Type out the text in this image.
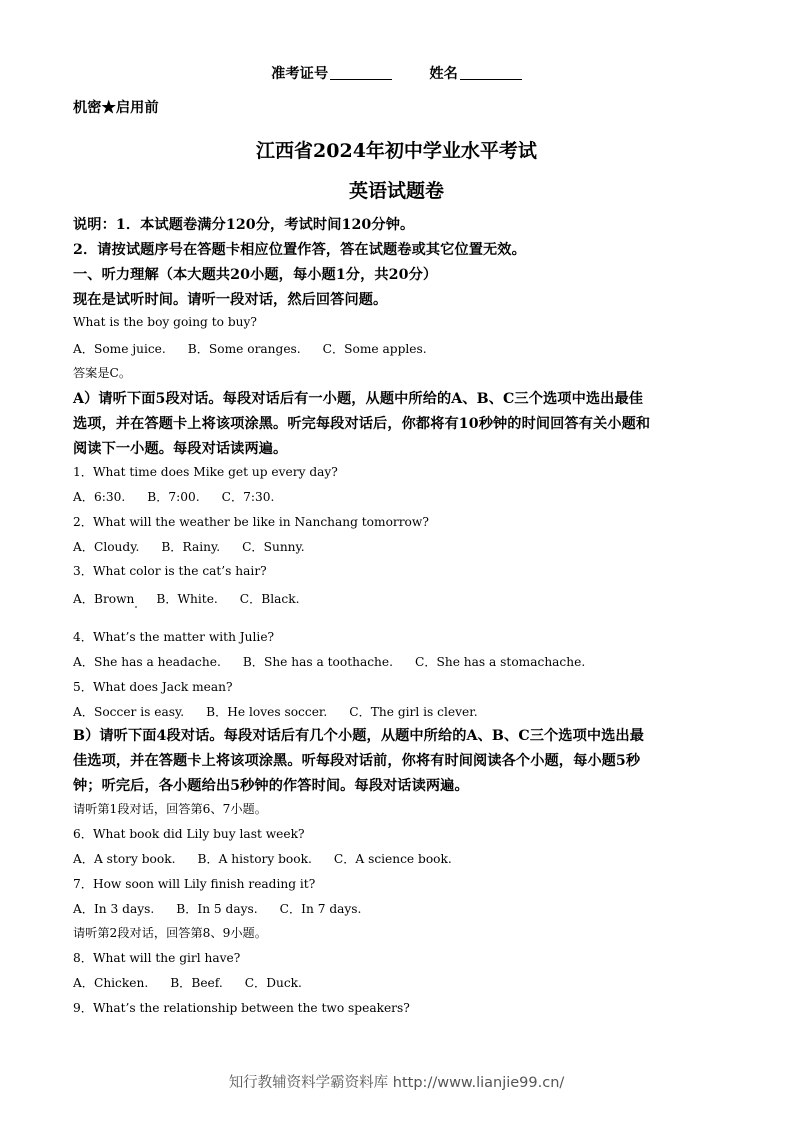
准考证号	姓名
机密★启用前
江西省2024年初中学业水平考试
英语试题卷
说明：1．本试题卷满分120分，考试时间120分钟。
2．请按试题序号在答题卡相应位置作答，答在试题卷或其它位置无效。
一、听力理解（本大题共20小题，每小题1分，共20分）
现在是试听时间。请听一段对话，然后回答问题。
What is the boy going to buy?
A．Some juice. B．Some oranges. C．Some apples.
答案是C。
A）请听下面5段对话。每段对话后有一小题，从题中所给的A、B、C三个选项中选出最佳
选项，并在答题卡上将该项涂黑。听完每段对话后，你都将有10秒钟的时间回答有关小题和
阅读下一小题。每段对话读两遍。
1．What time does Mike get up every day?
A．6:30. B．7:00. C．7:30.
2．What will the weather be like in Nanchang tomorrow?
A．Cloudy. B．Rainy. C．Sunny.
3．What color is the cat’s hair?
A．Brown B．White. C．Black.
4．What’s the matter with Julie?
A．She has a headache. B．She has a toothache. C．She has a stomachache.
5．What does Jack mean?
A．Soccer is easy. B．He loves soccer. C．The girl is clever.
B）请听下面4段对话。每段对话后有几个小题，从题中所给的A、B、C三个选项中选出最
佳选项，并在答题卡上将该项涂黑。听每段对话前，你将有时间阅读各个小题，每小题5秒
钟；听完后，各小题给出5秒钟的作答时间。每段对话读两遍。
请听第1段对话，回答第6、7小题。
6．What book did Lily buy last week?
A．A story book. B．A history book. C．A science book.
7．How soon will Lily finish reading it?
A．In 3 days. B．In 5 days. C．In 7 days.
请听第2段对话，回答第8、9小题。
8．What will the girl have?
A．Chicken. B．Beef. C．Duck.
9．What’s the relationship between the two speakers?
知行教辅资料学霸资料库 http://www.lianjie99.cn/
